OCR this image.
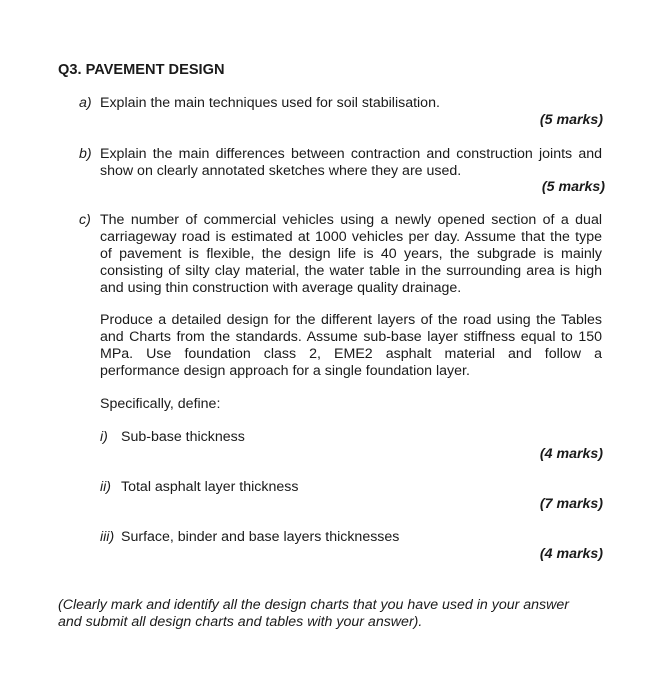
Q3. PAVEMENT DESIGN
a) Explain the main techniques used for soil stabilisation.
(5 marks)
b) Explain the main differences between contraction and construction joints and
show on clearly annotated sketches where they are used.
(5 marks)
c) The number of commercial vehicles using a newly opened section of a dual
carriageway road is estimated at 1000 vehicles per day. Assume that the type
of pavement is flexible, the design life is 40 years, the subgrade is mainly
consisting of silty clay material, the water table in the surrounding area is high
and using thin construction with average quality drainage.
Produce a detailed design for the different layers of the road using the Tables
and Charts from the standards. Assume sub-base layer stiffness equal to 150
MPa. Use foundation class 2, EME2 asphalt material and follow a
performance design approach for a single foundation layer.
Specifically, define:
i) Sub-base thickness
(4 marks)
ii) Total asphalt layer thickness
(7 marks)
iii) Surface, binder and base layers thicknesses
(4 marks)
(Clearly mark and identify all the design charts that you have used in your answer
and submit all design charts and tables with your answer).
